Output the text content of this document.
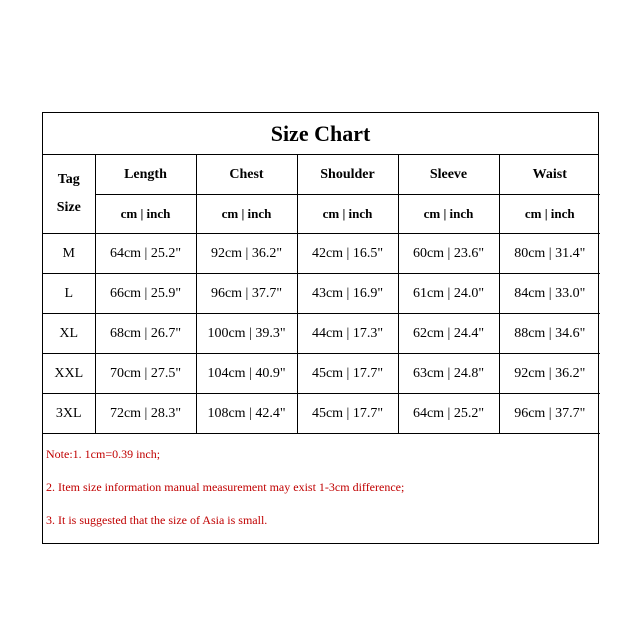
Size Chart
Tag
Size	Length	Chest	Shoulder	Sleeve	Waist
	cm | inch	cm | inch	cm | inch	cm | inch	cm | inch
M	64cm | 25.2"	92cm | 36.2"	42cm | 16.5"	60cm | 23.6"	80cm | 31.4"
L	66cm | 25.9"	96cm | 37.7"	43cm | 16.9"	61cm | 24.0"	84cm | 33.0"
XL	68cm | 26.7"	100cm | 39.3"	44cm | 17.3"	62cm | 24.4"	88cm | 34.6"
XXL	70cm | 27.5"	104cm | 40.9"	45cm | 17.7"	63cm | 24.8"	92cm | 36.2"
3XL	72cm | 28.3"	108cm | 42.4"	45cm | 17.7"	64cm | 25.2"	96cm | 37.7"
Note:1. 1cm=0.39 inch;
2. Item size information manual measurement may exist 1-3cm difference;
3. It is suggested that the size of Asia is small.
